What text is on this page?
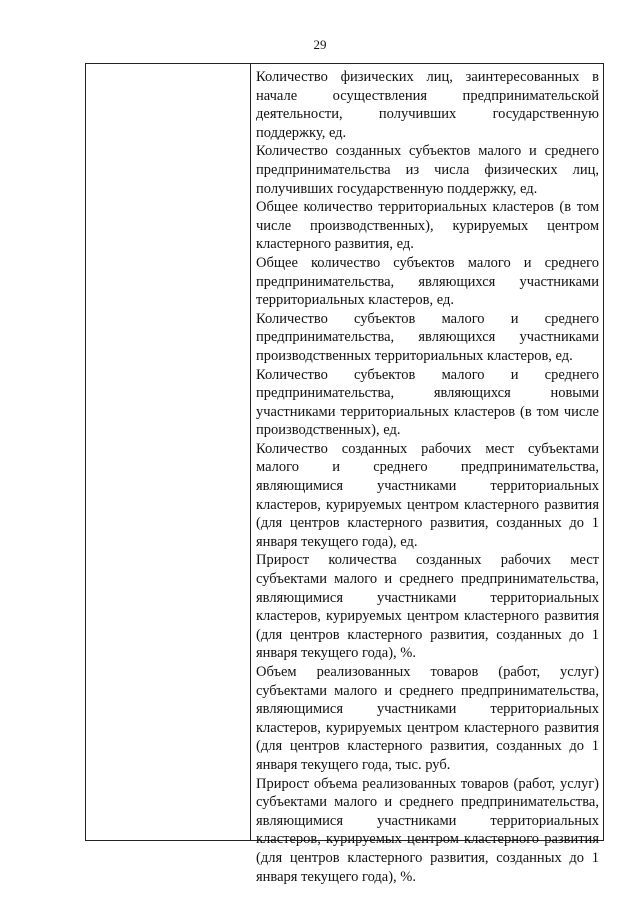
29

Количество физических лиц, заинтересованных в начале осуществления предпринимательской деятельности, получивших государственную поддержку, ед.

Количество созданных субъектов малого и среднего предпринимательства из числа физических лиц, получивших государственную поддержку, ед.

Общее количество территориальных кластеров (в том числе производственных), курируемых центром кластерного развития, ед.

Общее количество субъектов малого и среднего предпринимательства, являющихся участниками территориальных кластеров, ед.

Количество субъектов малого и среднего предпринимательства, являющихся участниками производственных территориальных кластеров, ед.

Количество субъектов малого и среднего предпринимательства, являющихся новыми участниками территориальных кластеров (в том числе производственных), ед.

Количество созданных рабочих мест субъектами малого и среднего предпринимательства, являющимися участниками территориальных кластеров, курируемых центром кластерного развития (для центров кластерного развития, созданных до 1 января текущего года), ед.

Прирост количества созданных рабочих мест субъектами малого и среднего предпринимательства, являющимися участниками территориальных кластеров, курируемых центром кластерного развития (для центров кластерного развития, созданных до 1 января текущего года), %.

Объем реализованных товаров (работ, услуг) субъектами малого и среднего предпринимательства, являющимися участниками территориальных кластеров, курируемых центром кластерного развития (для центров кластерного развития, созданных до 1 января текущего года, тыс. руб.

Прирост объема реализованных товаров (работ, услуг) субъектами малого и среднего предпринимательства, являющимися участниками территориальных кластеров, курируемых центром кластерного развития (для центров кластерного развития, созданных до 1 января текущего года), %.
